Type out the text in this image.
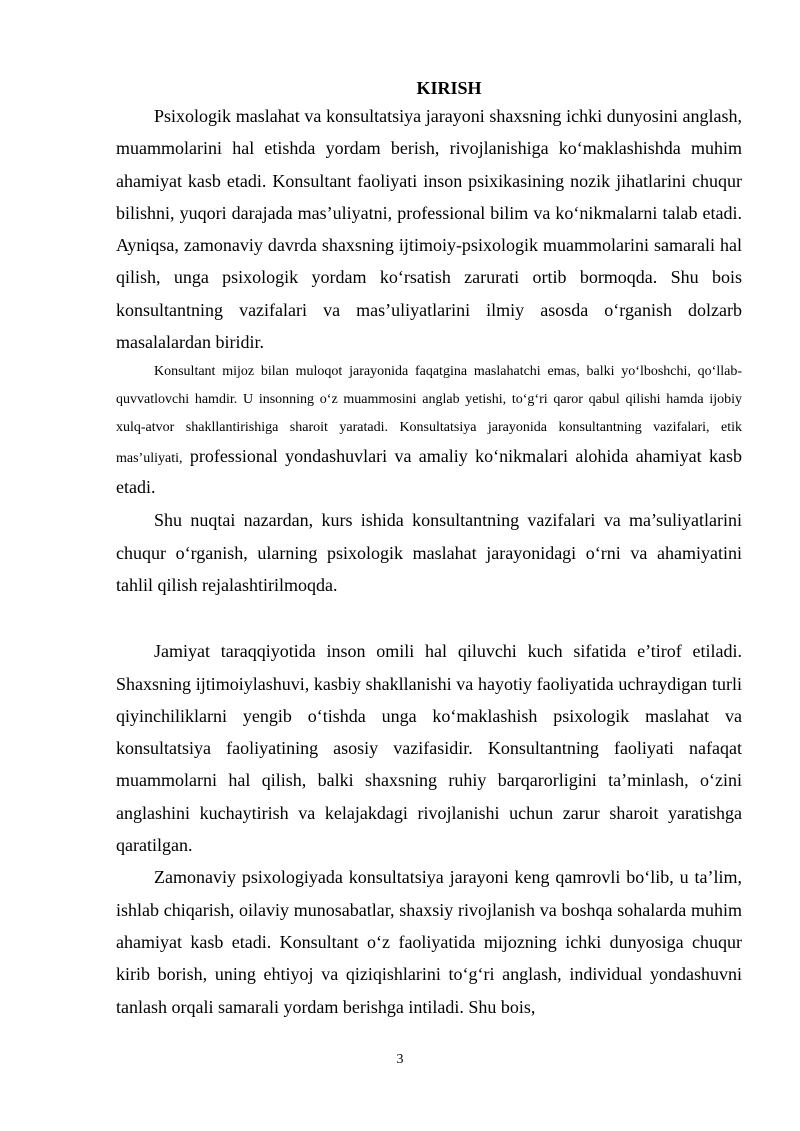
KIRISH

Psixologik maslahat va konsultatsiya jarayoni shaxsning ichki dunyosini anglash, muammolarini hal etishda yordam berish, rivojlanishiga ko‘maklashishda muhim ahamiyat kasb etadi. Konsultant faoliyati inson psixikasining nozik jihatlarini chuqur bilishni, yuqori darajada mas’uliyatni, professional bilim va ko‘nikmalarni talab etadi. Ayniqsa, zamonaviy davrda shaxsning ijtimoiy-psixologik muammolarini samarali hal qilish, unga psixologik yordam ko‘rsatish zarurati ortib bormoqda. Shu bois konsultantning vazifalari va mas’uliyatlarini ilmiy asosda o‘rganish dolzarb masalalardan biridir.

Konsultant mijoz bilan muloqot jarayonida faqatgina maslahatchi emas, balki yo‘lboshchi, qo‘llab-quvvatlovchi hamdir. U insonning o‘z muammosini anglab yetishi, to‘g‘ri qaror qabul qilishi hamda ijobiy xulq-atvor shakllantirishiga sharoit yaratadi. Konsultatsiya jarayonida konsultantning vazifalari, etik mas’uliyati, professional yondashuvlari va amaliy ko‘nikmalari alohida ahamiyat kasb etadi.

Shu nuqtai nazardan, kurs ishida konsultantning vazifalari va ma’suliyatlarini chuqur o‘rganish, ularning psixologik maslahat jarayonidagi o‘rni va ahamiyatini tahlil qilish rejalashtirilmoqda.

Jamiyat taraqqiyotida inson omili hal qiluvchi kuch sifatida e’tirof etiladi. Shaxsning ijtimoiylashuvi, kasbiy shakllanishi va hayotiy faoliyatida uchraydigan turli qiyinchiliklarni yengib o‘tishda unga ko‘maklashish psixologik maslahat va konsultatsiya faoliyatining asosiy vazifasidir. Konsultantning faoliyati nafaqat muammolarni hal qilish, balki shaxsning ruhiy barqarorligini ta’minlash, o‘zini anglashini kuchaytirish va kelajakdagi rivojlanishi uchun zarur sharoit yaratishga qaratilgan.

Zamonaviy psixologiyada konsultatsiya jarayoni keng qamrovli bo‘lib, u ta’lim, ishlab chiqarish, oilaviy munosabatlar, shaxsiy rivojlanish va boshqa sohalarda muhim ahamiyat kasb etadi. Konsultant o‘z faoliyatida mijozning ichki dunyosiga chuqur kirib borish, uning ehtiyoj va qiziqishlarini to‘g‘ri anglash, individual yondashuvni tanlash orqali samarali yordam berishga intiladi. Shu bois,

3
